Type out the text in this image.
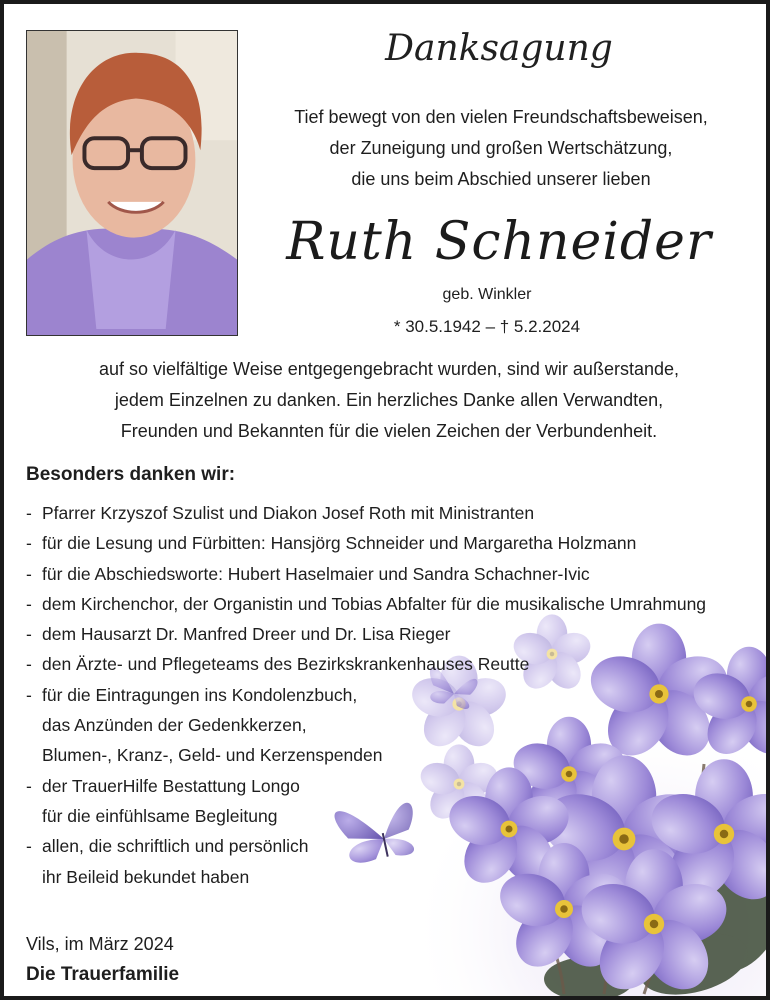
Danksagung
Tief bewegt von den vielen Freundschaftsbeweisen,
der Zuneigung und großen Wertschätzung,
die uns beim Abschied unserer lieben
Ruth Schneider
geb. Winkler
* 30.5.1942 – † 5.2.2024
auf so vielfältige Weise entgegengebracht wurden, sind wir außerstande,
jedem Einzelnen zu danken. Ein herzliches Danke allen Verwandten,
Freunden und Bekannten für die vielen Zeichen der Verbundenheit.
Besonders danken wir:
- Pfarrer Krzyszof Szulist und Diakon Josef Roth mit Ministranten
- für die Lesung und Fürbitten: Hansjörg Schneider und Margaretha Holzmann
- für die Abschiedsworte: Hubert Haselmaier und Sandra Schachner-Ivic
- dem Kirchenchor, der Organistin und Tobias Abfalter für die musikalische Umrahmung
- dem Hausarzt Dr. Manfred Dreer und Dr. Lisa Rieger
- den Ärzte- und Pflegeteams des Bezirkskrankenhauses Reutte
- für die Eintragungen ins Kondolenzbuch,
das Anzünden der Gedenkkerzen,
Blumen-, Kranz-, Geld- und Kerzenspenden
- der TrauerHilfe Bestattung Longo
für die einfühlsame Begleitung
- allen, die schriftlich und persönlich
ihr Beileid bekundet haben
Vils, im März 2024
Die Trauerfamilie
